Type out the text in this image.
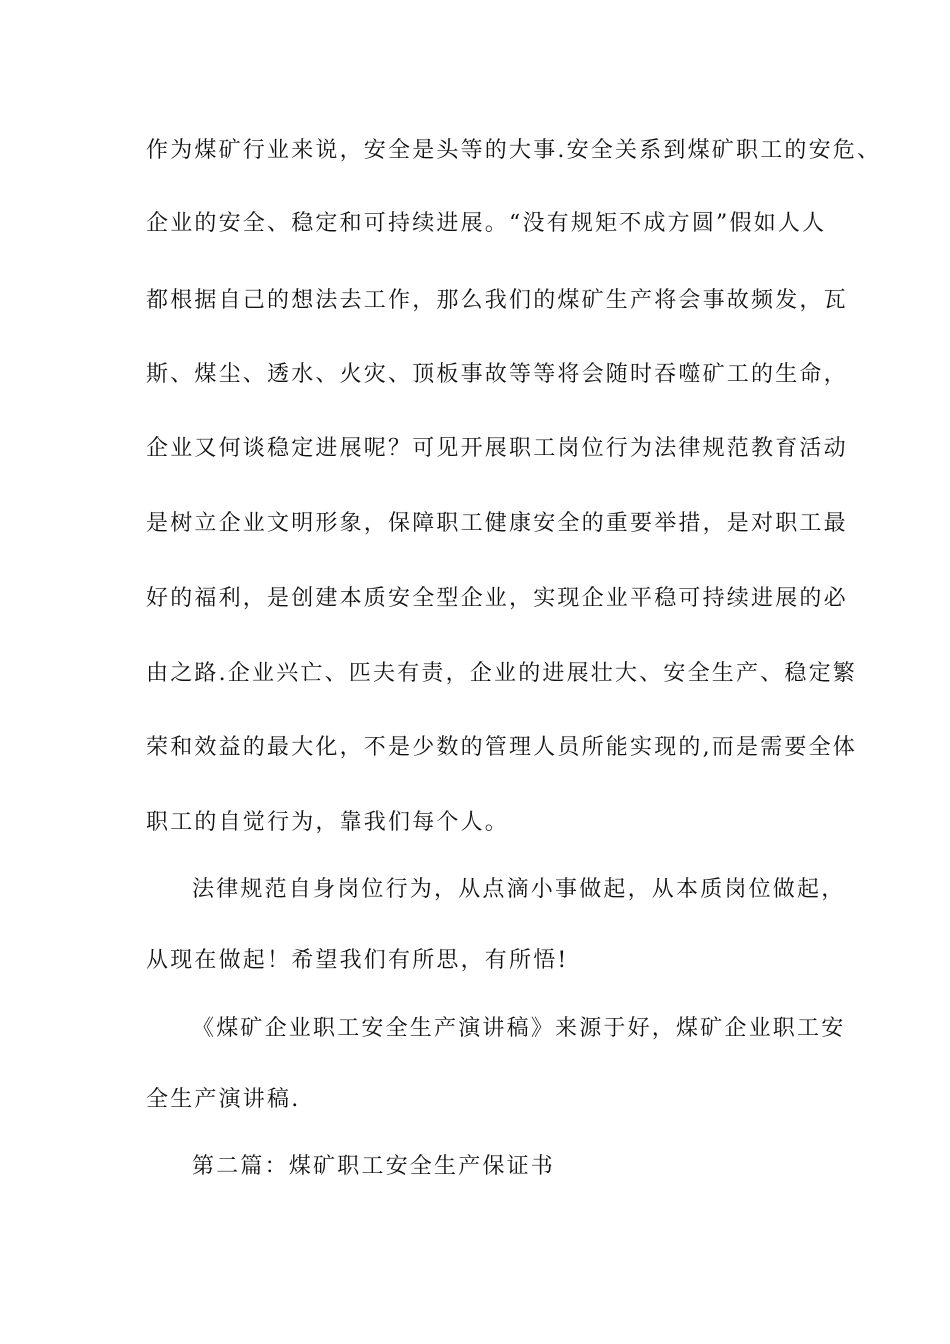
作为煤矿行业来说，安全是头等的大事.安全关系到煤矿职工的安危、
企业的安全、稳定和可持续进展。“没有规矩不成方圆”假如人人
都根据自己的想法去工作，那么我们的煤矿生产将会事故频发，瓦
斯、煤尘、透水、火灾、顶板事故等等将会随时吞噬矿工的生命，
企业又何谈稳定进展呢？可见开展职工岗位行为法律规范教育活动
是树立企业文明形象，保障职工健康安全的重要举措，是对职工最
好的福利，是创建本质安全型企业，实现企业平稳可持续进展的必
由之路.企业兴亡、匹夫有责，企业的进展壮大、安全生产、稳定繁
荣和效益的最大化，不是少数的管理人员所能实现的,而是需要全体
职工的自觉行为，靠我们每个人。
法律规范自身岗位行为，从点滴小事做起，从本质岗位做起，
从现在做起！希望我们有所思，有所悟!
《煤矿企业职工安全生产演讲稿》来源于好，煤矿企业职工安
全生产演讲稿.
第二篇：煤矿职工安全生产保证书
